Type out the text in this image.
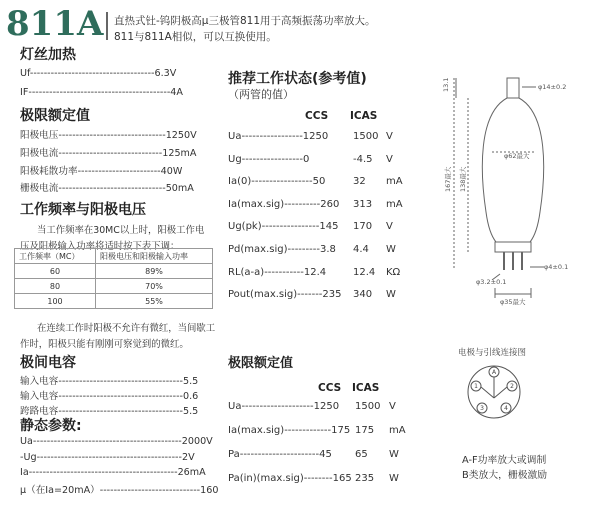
811A 直热式钍-钨阴极高μ三极管811用于高频振荡功率放大。
811与811A相似，可以互换使用。
灯丝加热
Uf------------------------------------6.3V
IF-----------------------------------------4A
极限额定值
阳极电压-------------------------------1250V
阳极电流------------------------------125mA
阳极耗散功率------------------------40W
栅极电流-------------------------------50mA
工作频率与阳极电压
当工作频率在30MC以上时，阳极工作电
压及阳极输入功率将适时按下表下调：
工作频率（MC）	阳极电压和阳极输入功率
60	89%
80	70%
100	55%
在连续工作时阳极不允许有微红，当间歇工
作时，阳极只能有刚刚可察觉到的微红。
极间电容
输入电容------------------------------------5.5
输入电容------------------------------------0.6
跨路电容------------------------------------5.5
静态参数:
Ua-------------------------------------------2000V
-Ug------------------------------------------2V
Ia-------------------------------------------26mA
μ（在Ia=20mA）-----------------------------160
推荐工作状态(参考值)
（两管的值）
CCS ICAS
Ua-----------------1250 1500 V
Ug-----------------0	-4.5 V
Ia(0)-----------------50	32 mA
Ia(max.sig)----------260 313 mA
Ug(pk)----------------145 170 V
Pd(max.sig)---------3.8 4.4 W
RL(a-a)-----------12.4	12.4 KΩ
Pout(max.sig)-------235 340 W
极限额定值
CCS ICAS
Ua--------------------1250 1500 V
Ia(max.sig)-------------175 175 mA
Pa----------------------45 65 W
Pa(in)(max.sig)--------165 235 W
φ14±0.2
13.1
φ62最大
167最大 138最大
φ4±0.1
φ3.2±0.1
φ35最大
电极与引线连接图
A
1	2
3	4
A-F功率放大或调制
B类放大，栅极激励
